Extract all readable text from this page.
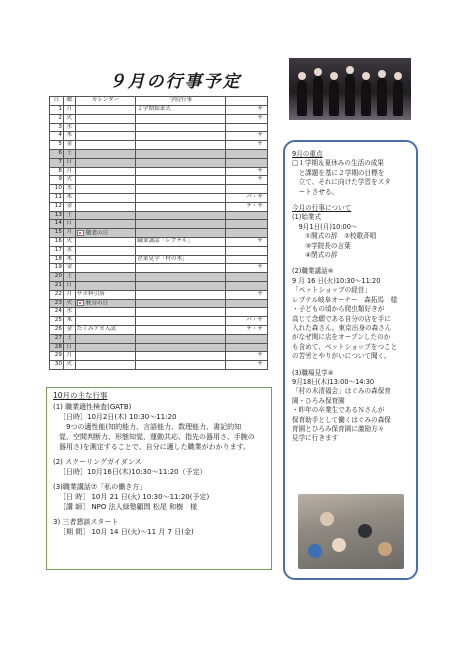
９月の行事予定
日	曜	カレンダー	学院行事	
1	月		２学期始業式	サ
2	火			サ
3	水			
4	木			サ
5	金			サ
6	土			
7	日			
8	月			サ
9	火			サ
10	水			
11	木			パ・サ
12	金			テ・サ
13	土			
14	日			
15	月	敬老の日		
16	火		職業講話「レプテル」	サ
17	水			
18	木		企業見学「村の木」	
19	金			サ
20	土			
21	日			
22	月	サポ料引落		サ
23	火	秋分の日		
24	水			
25	木			パ・サ
26	金	たくみアカ入試		テ・サ
27	土			
28	日			
29	月			サ
30	火			サ
10月の主な行事
(1) 職業適性検査(GATB)
［日時］10月2日(木) 10:30～11:20
　9つの適性能(知的能力、言語能力、数理能力、書記的知
覚、空間判断力、形態知覚、運動共応、指先の器用さ、手腕の
器用さ)を測定することで、自分に適した職業がわかります。
(2) スクーリングガイダンス
［日時］10月16日(木)10:30～11:20（予定）
(3)職業講話⑦「私の働き方」
［日 時］ 10月 21 日(火) 10:30～11:20(予定)
［講 師］ NPO 法人緑塾顧問 松尾 和樹　様
3) 三者懇談スタート
［期 間］ 10月 14 日(火)～11 月 7 日(金)
9月の重点
□１学期＆夏休みの生活の成果
　と課題を基に２学期の目標を
　立て、それに向けた学習をスタ
　ートさせる。
今月の行事について
(1)始業式
　9月1日(月)10:00～
　　①開式の辞　②校歌斉唱
　　③学院長の言葉
　　④閉式の辞
(2)職業講話⑥
9 月 16 日(火)10:30～11:20
「ペットショップの経営」
レプテル岐阜オーナー　森拓馬　様
・子どもの頃から爬虫類好きが
高じて念願である自分の店を手に
入れた森さん。東京出身の森さん
がなぜ関に店をオープンしたのか
も含めて、ペットショップをつこと
の苦労とやりがいについて聞く。
(3)職場見学④
9月18日(木)13:00～14:30
「村の木清福会」はぐみの森保育
園・ひろみ保育園
・昨年の卒業生であるＮさんが
保育助手として働くはぐみの森保
育園とひろみ保育園に激励方々
見学に行きます
